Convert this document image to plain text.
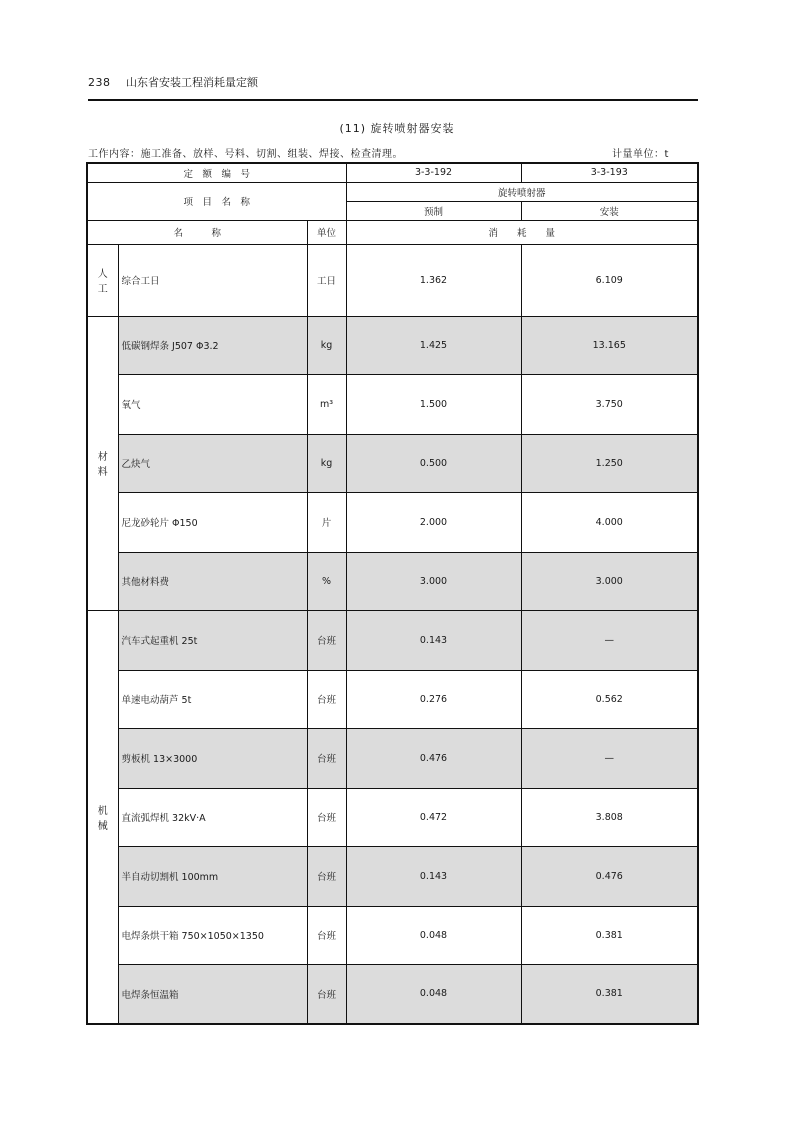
238 山东省安装工程消耗量定额
(11) 旋转喷射器安装
工作内容：施工准备、放样、号料、切割、组装、焊接、检查清理。	计量单位：t
定　额　编　号			3-3-192	3-3-193
项　目　名　称			旋转喷射器	
			预制	安装
名　　　称		单位	消　　耗　　量	

人
工	综合工日	工日	1.362	6.109

材
料	低碳钢焊条 J507 Φ3.2	kg	1.425	13.165
	氧气	m³	1.500	3.750
	乙炔气	kg	0.500	1.250
	尼龙砂轮片 Φ150	片	2.000	4.000
	其他材料费	%	3.000	3.000

机
械	汽车式起重机 25t	台班	0.143	—
	单速电动葫芦 5t	台班	0.276	0.562
	剪板机 13×3000	台班	0.476	—
	直流弧焊机 32kV·A	台班	0.472	3.808
	半自动切割机 100mm	台班	0.143	0.476
	电焊条烘干箱 750×1050×1350	台班	0.048	0.381
	电焊条恒温箱	台班	0.048	0.381
